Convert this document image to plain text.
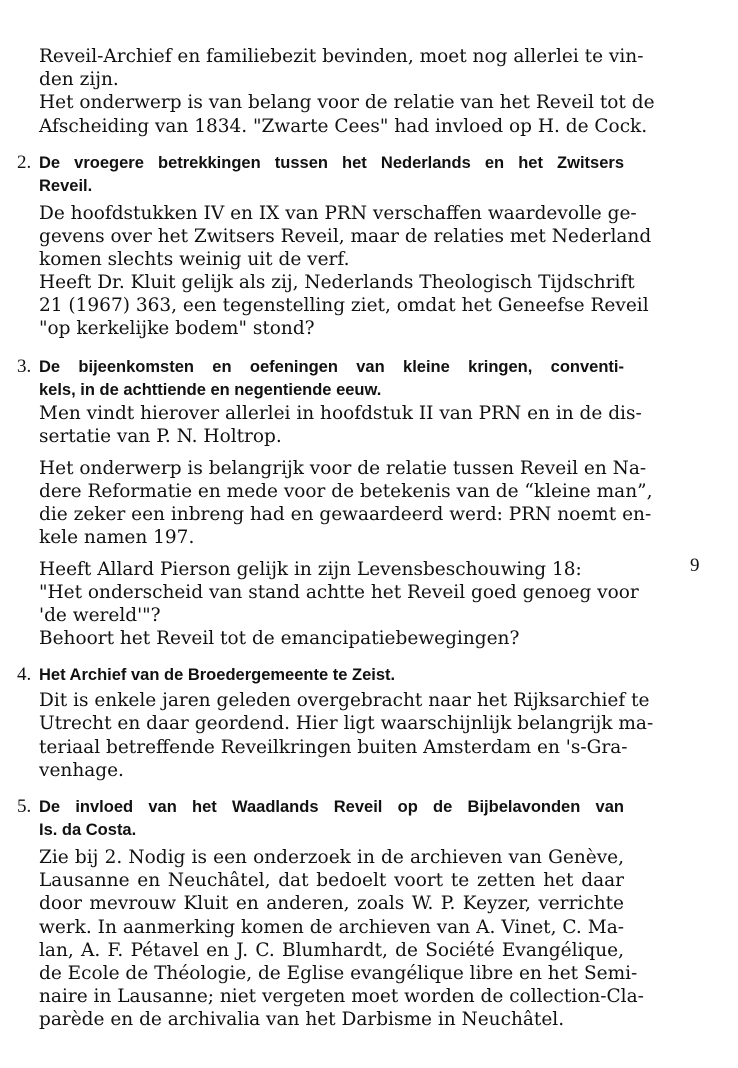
Reveil-Archief en familiebezit bevinden, moet nog allerlei te vin-
den zijn.
Het onderwerp is van belang voor de relatie van het Reveil tot de
Afscheiding van 1834. "Zwarte Cees" had invloed op H. de Cock.
2. De vroegere betrekkingen tussen het Nederlands en het Zwitsers
Reveil.
De hoofdstukken IV en IX van PRN verschaffen waardevolle ge-
gevens over het Zwitsers Reveil, maar de relaties met Nederland
komen slechts weinig uit de verf.
Heeft Dr. Kluit gelijk als zij, Nederlands Theologisch Tijdschrift
21 (1967) 363, een tegenstelling ziet, omdat het Geneefse Reveil
"op kerkelijke bodem" stond?
3. De bijeenkomsten en oefeningen van kleine kringen, conventi-
kels, in de achttiende en negentiende eeuw.
Men vindt hierover allerlei in hoofdstuk II van PRN en in de dis-
sertatie van P. N. Holtrop.
Het onderwerp is belangrijk voor de relatie tussen Reveil en Na-
dere Reformatie en mede voor de betekenis van de “kleine man”,
die zeker een inbreng had en gewaardeerd werd: PRN noemt en-
kele namen 197.
Heeft Allard Pierson gelijk in zijn Levensbeschouwing 18:
"Het onderscheid van stand achtte het Reveil goed genoeg voor
'de wereld'"?
Behoort het Reveil tot de emancipatiebewegingen?
4. Het Archief van de Broedergemeente te Zeist.
Dit is enkele jaren geleden overgebracht naar het Rijksarchief te
Utrecht en daar geordend. Hier ligt waarschijnlijk belangrijk ma-
teriaal betreffende Reveilkringen buiten Amsterdam en 's-Gra-
venhage.
5. De invloed van het Waadlands Reveil op de Bijbelavonden van
Is. da Costa.
Zie bij 2. Nodig is een onderzoek in de archieven van Genève,
Lausanne en Neuchâtel, dat bedoelt voort te zetten het daar
door mevrouw Kluit en anderen, zoals W. P. Keyzer, verrichte
werk. In aanmerking komen de archieven van A. Vinet, C. Ma-
lan, A. F. Pétavel en J. C. Blumhardt, de Société Evangélique,
de Ecole de Théologie, de Eglise evangélique libre en het Semi-
naire in Lausanne; niet vergeten moet worden de collection-Cla-
parède en de archivalia van het Darbisme in Neuchâtel.
9
